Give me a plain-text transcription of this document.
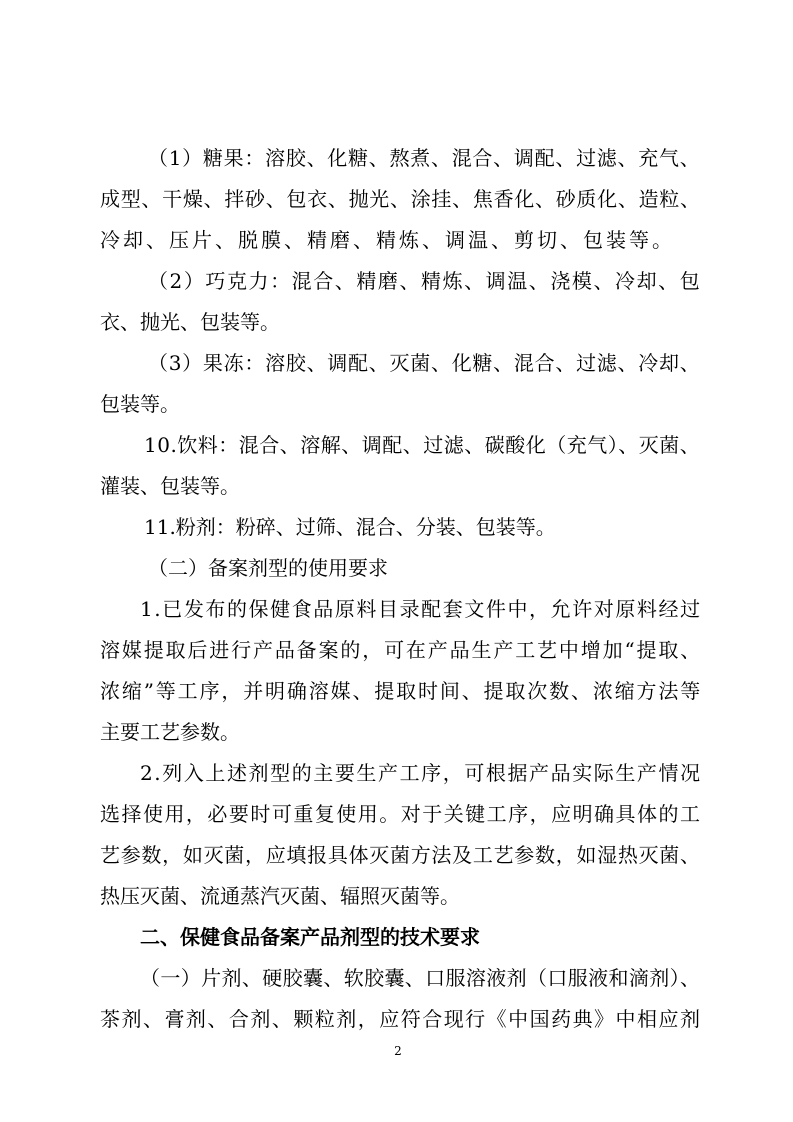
（1）糖果：溶胶、化糖、熬煮、混合、调配、过滤、充气、
成型、干燥、拌砂、包衣、抛光、涂挂、焦香化、砂质化、造粒、
冷却、压片、脱膜、精磨、精炼、调温、剪切、包装等。
（2）巧克力：混合、精磨、精炼、调温、浇模、冷却、包
衣、抛光、包装等。
（3）果冻：溶胶、调配、灭菌、化糖、混合、过滤、冷却、
包装等。
10.饮料：混合、溶解、调配、过滤、碳酸化（充气）、灭菌、
灌装、包装等。
11.粉剂：粉碎、过筛、混合、分装、包装等。
（二）备案剂型的使用要求
1.已发布的保健食品原料目录配套文件中，允许对原料经过
溶媒提取后进行产品备案的，可在产品生产工艺中增加“提取、
浓缩”等工序，并明确溶媒、提取时间、提取次数、浓缩方法等
主要工艺参数。
2.列入上述剂型的主要生产工序，可根据产品实际生产情况
选择使用，必要时可重复使用。对于关键工序，应明确具体的工
艺参数，如灭菌，应填报具体灭菌方法及工艺参数，如湿热灭菌、
热压灭菌、流通蒸汽灭菌、辐照灭菌等。
二、保健食品备案产品剂型的技术要求
（一）片剂、硬胶囊、软胶囊、口服溶液剂（口服液和滴剂）、
茶剂、膏剂、合剂、颗粒剂，应符合现行《中国药典》中相应剂
2
